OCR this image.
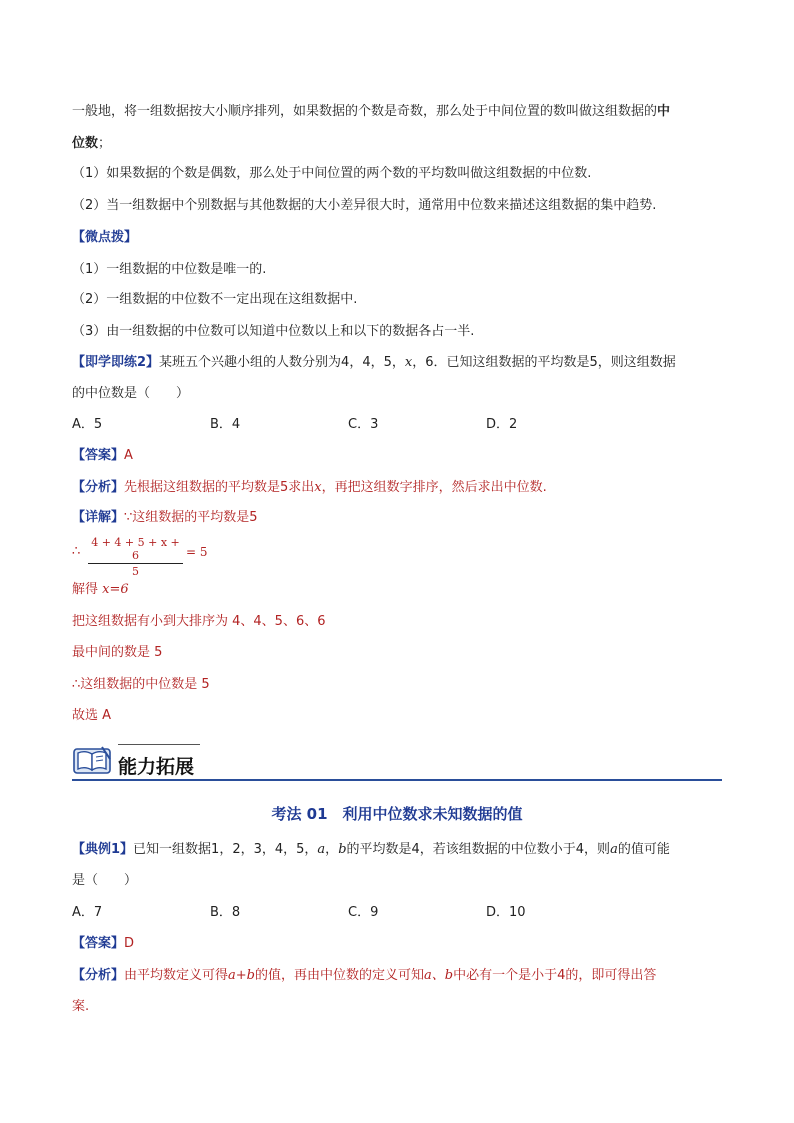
一般地，将一组数据按大小顺序排列，如果数据的个数是奇数，那么处于中间位置的数叫做这组数据的中
位数；
（1）如果数据的个数是偶数，那么处于中间位置的两个数的平均数叫做这组数据的中位数.
（2）当一组数据中个别数据与其他数据的大小差异很大时，通常用中位数来描述这组数据的集中趋势.
【微点拨】
（1）一组数据的中位数是唯一的.
（2）一组数据的中位数不一定出现在这组数据中.
（3）由一组数据的中位数可以知道中位数以上和以下的数据各占一半.
【即学即练2】某班五个兴趣小组的人数分别为4，4，5，x，6．已知这组数据的平均数是5，则这组数据
的中位数是（　　）
A．5	B．4	C．3	D．2
【答案】A
【分析】先根据这组数据的平均数是5求出x，再把这组数字排序，然后求出中位数.
【详解】∵这组数据的平均数是5
∴ $\frac{4 + 4 + 5 + x + 6}{5} = 5$
解得 x=6
把这组数据有小到大排序为 4、4、5、6、6
最中间的数是 5
∴这组数据的中位数是 5
故选 A
能力拓展
考法 01　利用中位数求未知数据的值
【典例1】已知一组数据1，2，3，4，5，a，b的平均数是4，若该组数据的中位数小于4，则a的值可能
是（　　）
A．7	B．8	C．9	D．10
【答案】D
【分析】由平均数定义可得a+b的值，再由中位数的定义可知a、b中必有一个是小于4的，即可得出答
案.
